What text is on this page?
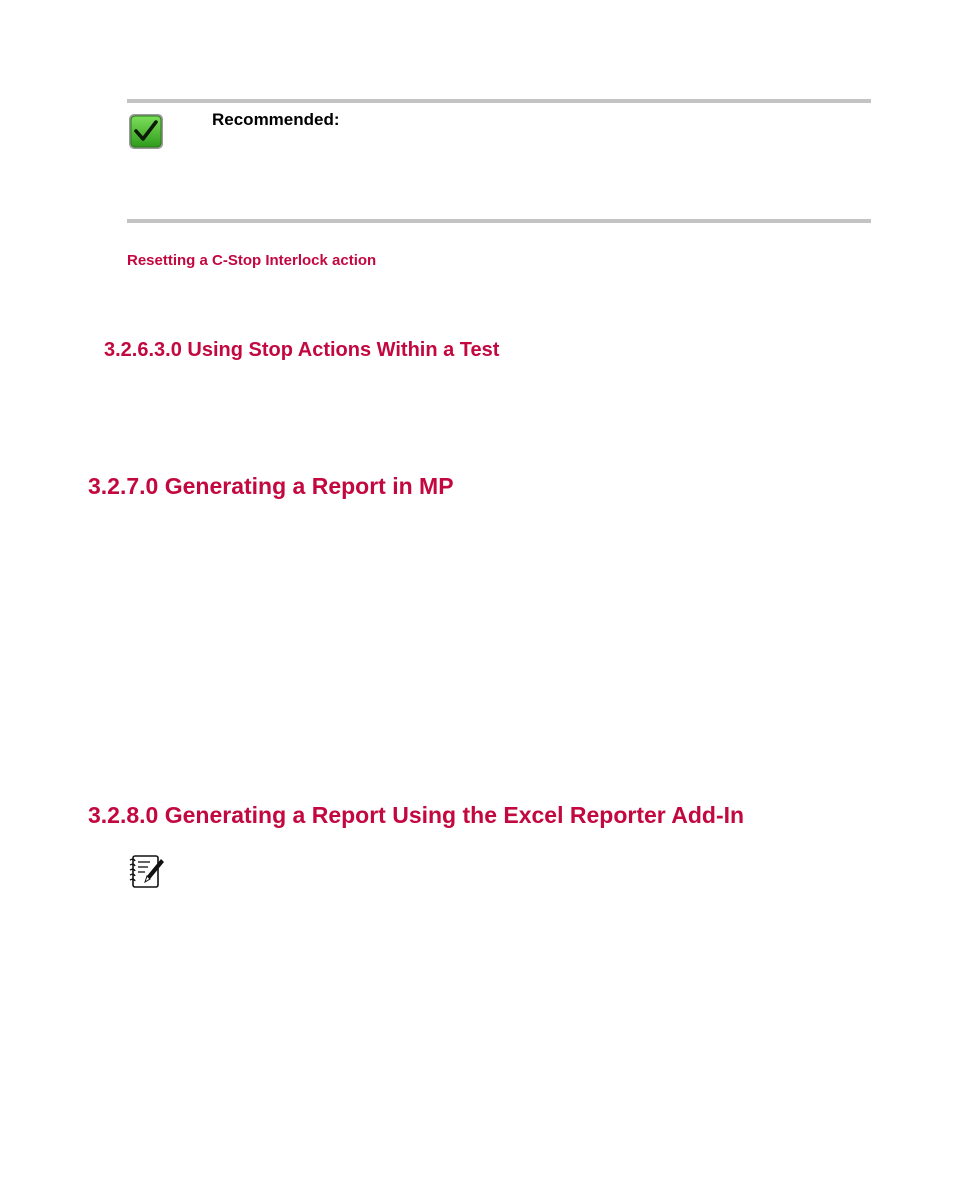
Recommended:
Resetting a C-Stop Interlock action
3.2.6.3.0 Using Stop Actions Within a Test
3.2.7.0 Generating a Report in MP
3.2.8.0 Generating a Report Using the Excel Reporter Add-In
